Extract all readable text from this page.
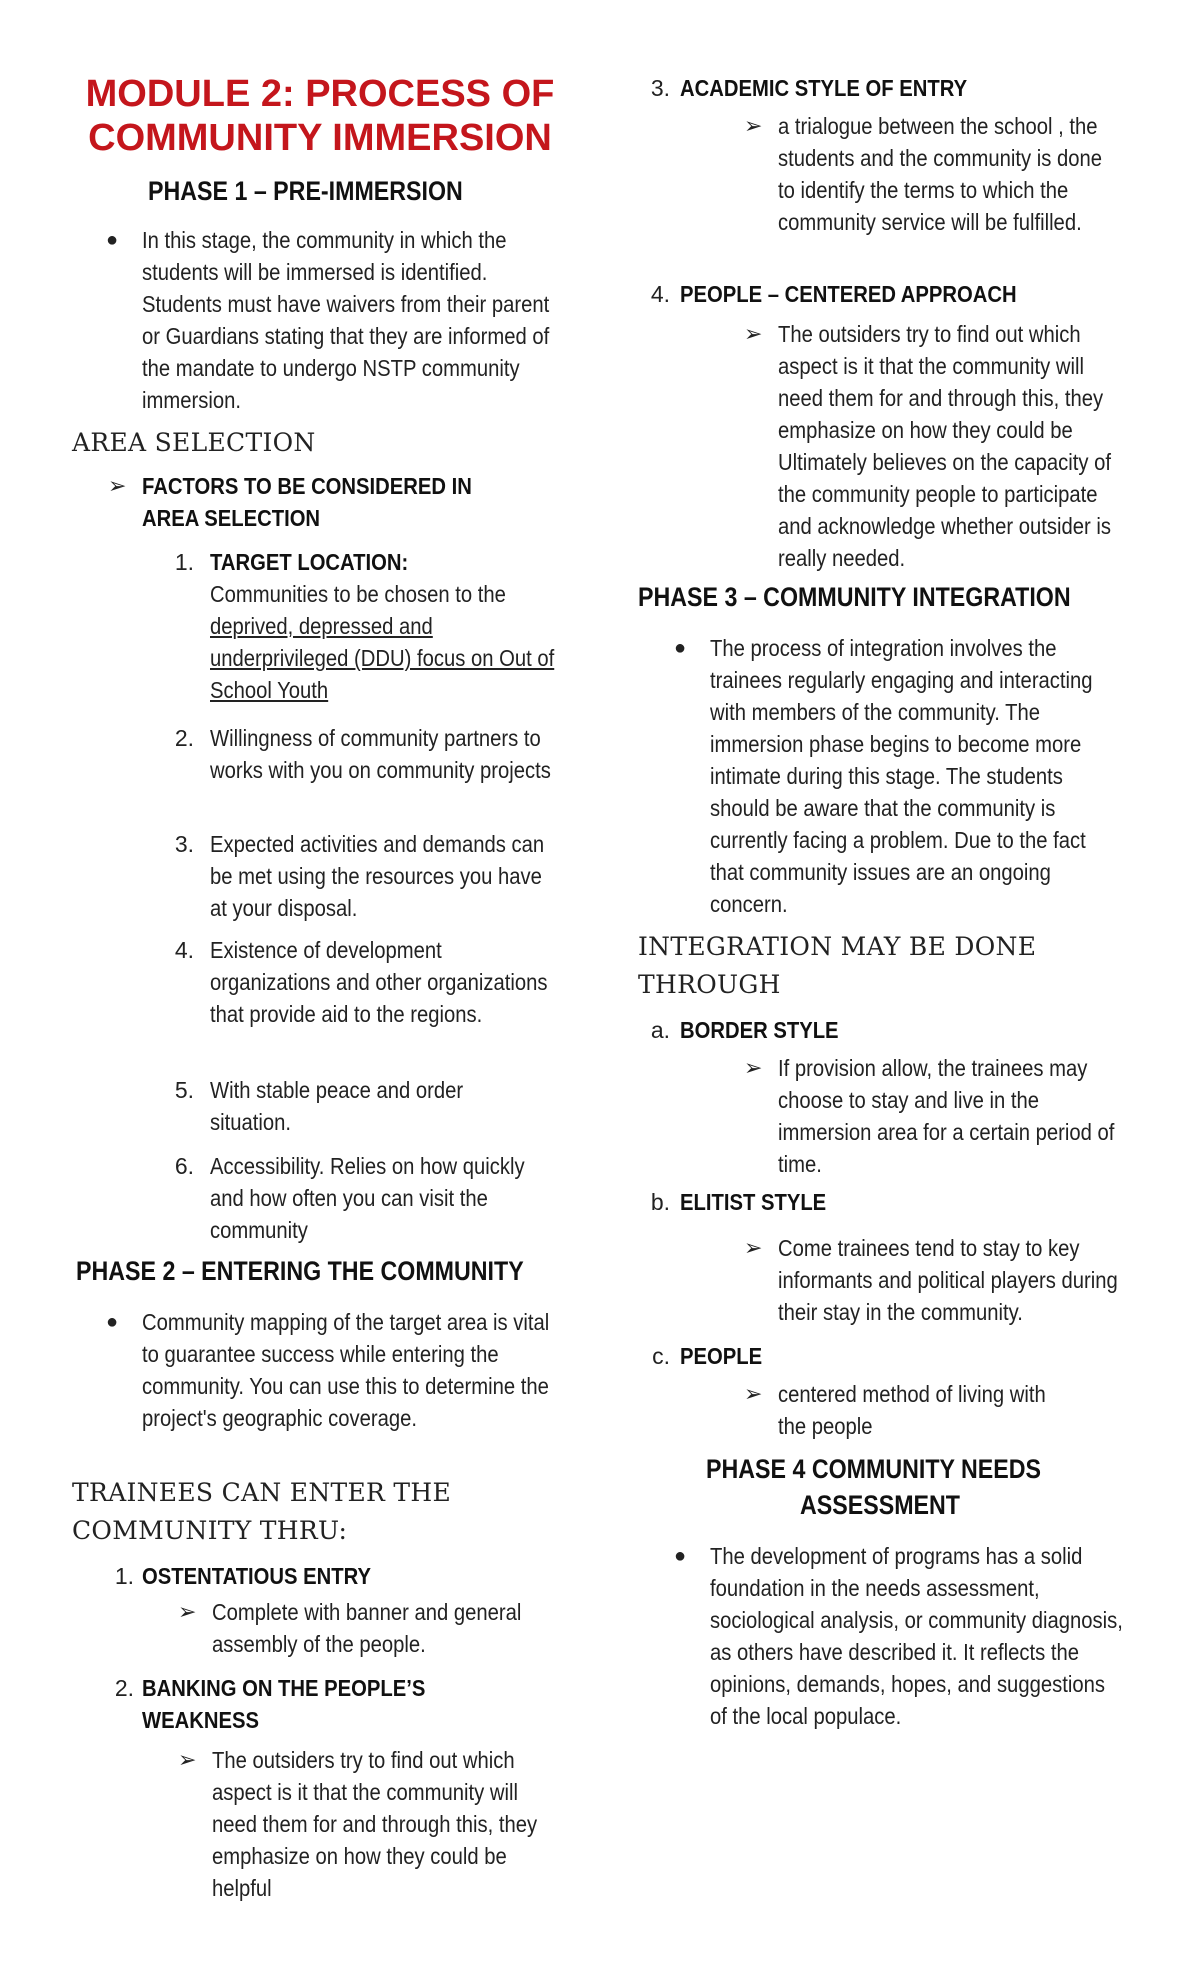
MODULE 2: PROCESS OF
COMMUNITY IMMERSION
PHASE 1 – PRE-IMMERSION
● In this stage, the community in which the students will be immersed is identified. Students must have waivers from their parent or Guardians stating that they are informed of the mandate to undergo NSTP community immersion.
AREA SELECTION
➢ FACTORS TO BE CONSIDERED IN
AREA SELECTION
1. TARGET LOCATION:
Communities to be chosen to the
deprived, depressed and underprivileged (DDU) focus on Out of School Youth
2. Willingness of community partners to works with you on community projects
3. Expected activities and demands can be met using the resources you have at your disposal.
4. Existence of development organizations and other organizations that provide aid to the regions.
5. With stable peace and order situation.
6. Accessibility. Relies on how quickly and how often you can visit the community
PHASE 2 – ENTERING THE COMMUNITY
● Community mapping of the target area is vital to guarantee success while entering the community. You can use this to determine the project's geographic coverage.
TRAINEES CAN ENTER THE
COMMUNITY THRU:
1. OSTENTATIOUS ENTRY
➢ Complete with banner and general assembly of the people.
2. BANKING ON THE PEOPLE’S
WEAKNESS
➢ The outsiders try to find out which aspect is it that the community will need them for and through this, they emphasize on how they could be helpful
3. ACADEMIC STYLE OF ENTRY
➢ a trialogue between the school , the students and the community is done to identify the terms to which the community service will be fulfilled.
4. PEOPLE – CENTERED APPROACH
➢ The outsiders try to find out which aspect is it that the community will need them for and through this, they emphasize on how they could be Ultimately believes on the capacity of the community people to participate and acknowledge whether outsider is really needed.
PHASE 3 – COMMUNITY INTEGRATION
● The process of integration involves the trainees regularly engaging and interacting with members of the community. The immersion phase begins to become more intimate during this stage. The students should be aware that the community is currently facing a problem. Due to the fact that community issues are an ongoing concern.
INTEGRATION MAY BE DONE
THROUGH
a. BORDER STYLE
➢ If provision allow, the trainees may choose to stay and live in the immersion area for a certain period of time.
b. ELITIST STYLE
➢ Come trainees tend to stay to key informants and political players during their stay in the community.
c. PEOPLE
➢ centered method of living with the people
PHASE 4 COMMUNITY NEEDS
ASSESSMENT
● The development of programs has a solid foundation in the needs assessment, sociological analysis, or community diagnosis, as others have described it. It reflects the opinions, demands, hopes, and suggestions of the local populace.
